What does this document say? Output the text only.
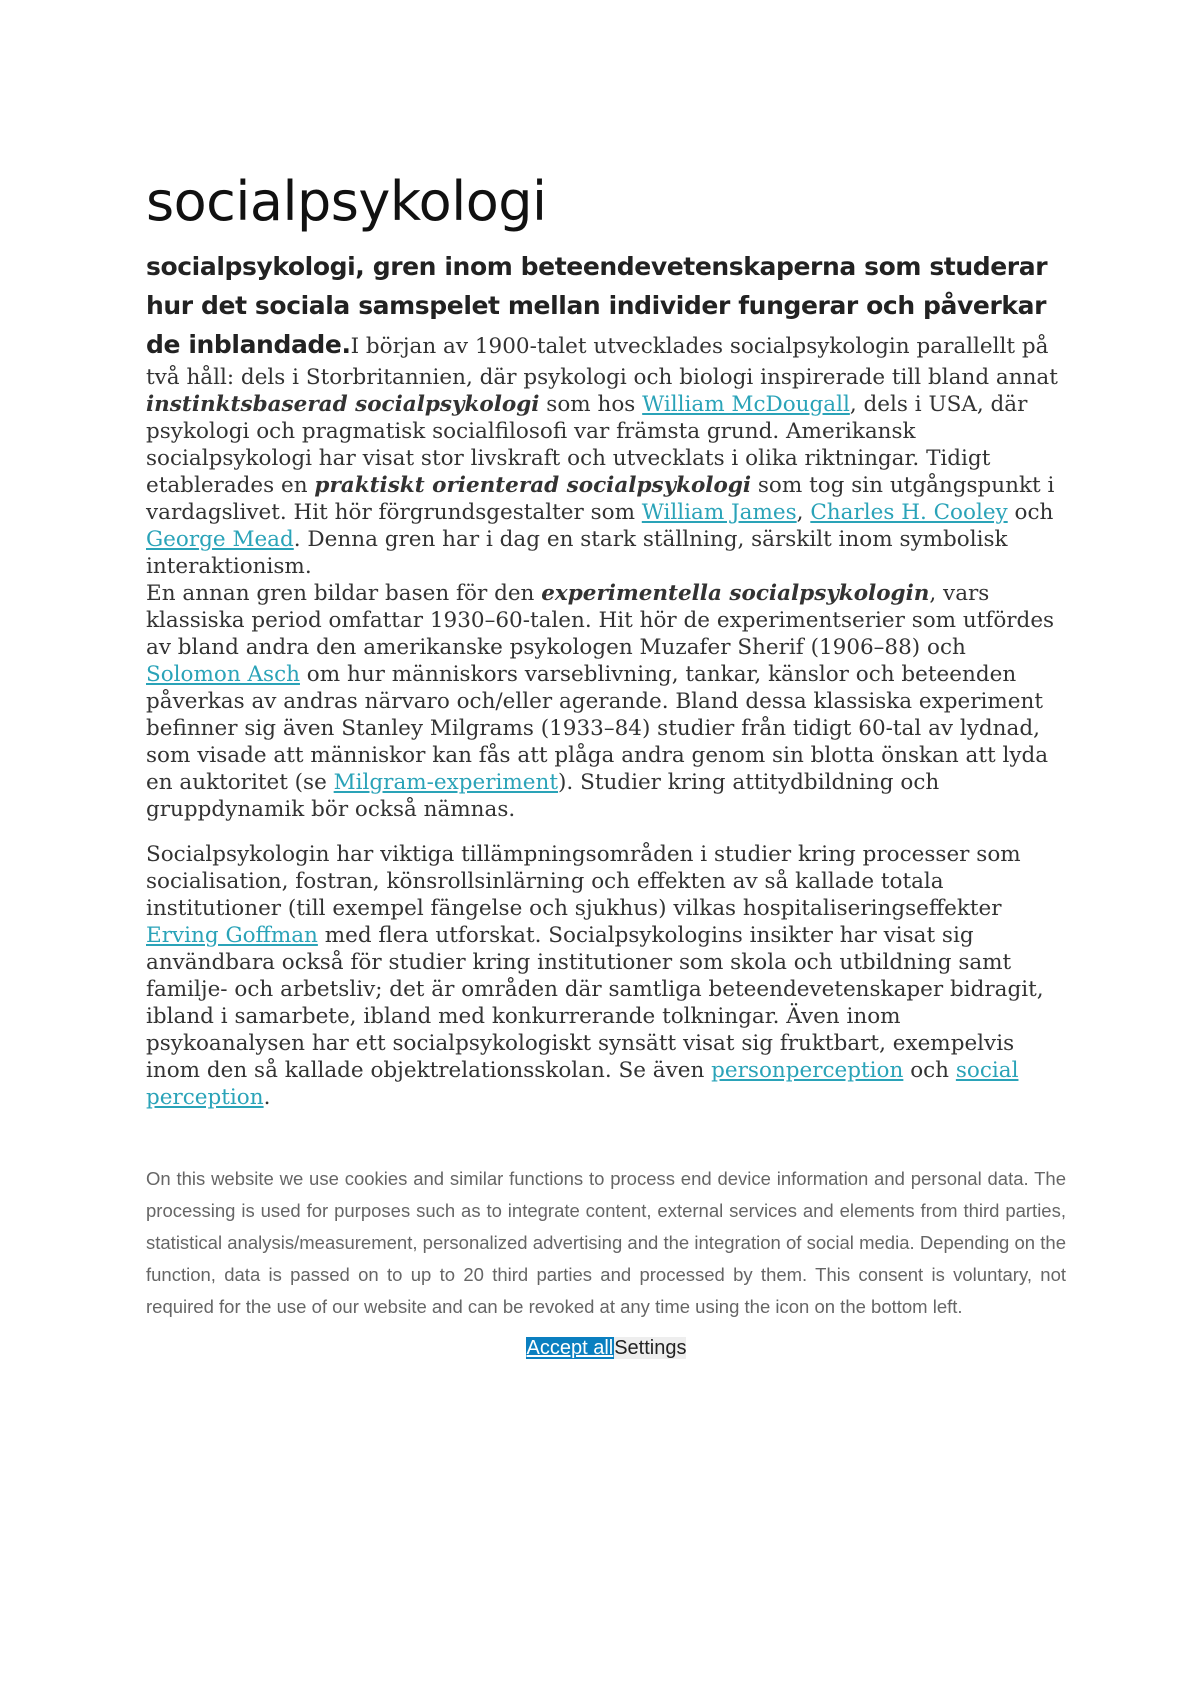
socialpsykologi
socialpsykologi, gren inom beteendevetenskaperna som studerar hur det sociala samspelet mellan individer fungerar och påverkar de inblandade.I början av 1900-talet utvecklades socialpsykologin parallellt på två håll: dels i Storbritannien, där psykologi och biologi inspirerade till bland annat instinktsbaserad socialpsykologi som hos William McDougall, dels i USA, där psykologi och pragmatisk socialfilosofi var främsta grund. Amerikansk socialpsykologi har visat stor livskraft och utvecklats i olika riktningar. Tidigt etablerades en praktiskt orienterad socialpsykologi som tog sin utgångspunkt i vardagslivet. Hit hör förgrundsgestalter som William James, Charles H. Cooley och George Mead. Denna gren har i dag en stark ställning, särskilt inom symbolisk interaktionism.
En annan gren bildar basen för den experimentella socialpsykologin, vars klassiska period omfattar 1930–60-talen. Hit hör de experimentserier som utfördes av bland andra den amerikanske psykologen Muzafer Sherif (1906–88) och Solomon Asch om hur människors varseblivning, tankar, känslor och beteenden påverkas av andras närvaro och/eller agerande. Bland dessa klassiska experiment befinner sig även Stanley Milgrams (1933–84) studier från tidigt 60-tal av lydnad, som visade att människor kan fås att plåga andra genom sin blotta önskan att lyda en auktoritet (se Milgram-experiment). Studier kring attitydbildning och gruppdynamik bör också nämnas.
Socialpsykologin har viktiga tillämpningsområden i studier kring processer som socialisation, fostran, könsrollsinlärning och effekten av så kallade totala institutioner (till exempel fängelse och sjukhus) vilkas hospitaliseringseffekter Erving Goffman med flera utforskat. Socialpsykologins insikter har visat sig användbara också för studier kring institutioner som skola och utbildning samt familje- och arbetsliv; det är områden där samtliga beteendevetenskaper bidragit, ibland i samarbete, ibland med konkurrerande tolkningar. Även inom psykoanalysen har ett socialpsykologiskt synsätt visat sig fruktbart, exempelvis inom den så kallade objektrelationsskolan. Se även personperception och social perception.
On this website we use cookies and similar functions to process end device information and personal data. The processing is used for purposes such as to integrate content, external services and elements from third parties, statistical analysis/measurement, personalized advertising and the integration of social media. Depending on the function, data is passed on to up to 20 third parties and processed by them. This consent is voluntary, not required for the use of our website and can be revoked at any time using the icon on the bottom left.
Accept allSettings
